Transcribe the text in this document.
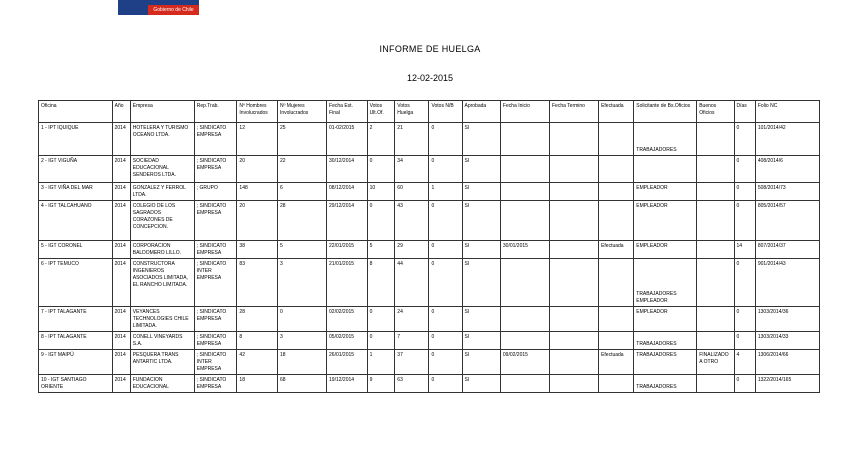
Gobierno de Chile
INFORME DE HUELGA
12-02-2015
Oficina	Año	Empresa	Rep.Trab.	Nº Hombres Involucrados	Nº Mujeres Involucrados	Fecha Est. Final	Votos Ult.Of.	Votos Huelga	Votos N/B	Aprobada	Fecha Inicio	Fecha Termino	Efectuada	Solicitante de Bs.Oficios	Buenos Oficios	Días	Folio NC
1 - IPT IQUIQUE	2014	HOTELERA Y TURISMO OCEANO LTDA.	; SINDICATO EMPRESA	12	25	01-02/2015	2	21	0	SI				TRABAJADORES		0	101/2014/42
2 - IGT VIGUÑA	2014	SOCIEDAD EDUCACIONAL SENDEROS LTDA.	; SINDICATO EMPRESA	20	22	30/12/2014	0	34	0	SI						0	408/2014/6
3 - IGT VIÑA DEL MAR	2014	GONZALEZ Y FERROL LTDA.	; GRUPO	148	6	08/12/2014	10	60	1	SI				EMPLEADOR		0	508/2014/73
4 - IGT TALCAHUANO	2014	COLEGIO DE LOS SAGRADOS CORAZONES DE CONCEPCION.	; SINDICATO EMPRESA	20	28	29/12/2014	0	43	0	SI				EMPLEADOR		0	805/2014/57
5 - IGT CORONEL	2014	CORPORACION BALDOMERO LILLO.	; SINDICATO EMPRESA	38	5	22/01/2015	5	29	0	SI	30/01/2015		Efectuada	EMPLEADOR		14	807/2014/37
6 - IPT TEMUCO	2014	CONSTRUCTORA INGENIEROS ASOCIADOS LIMITADA, EL RANCHO LIMITADA.	; SINDICATO INTER EMPRESA	83	3	21/01/2015	8	44	0	SI				TRABAJADORES EMPLEADOR		0	901/2014/43
7 - IPT TALAGANTE	2014	VEYANCES TECHNOLOGIES CHILE LIMITADA.	; SINDICATO EMPRESA	28	0	02/02/2015	0	24	0	SI				EMPLEADOR		0	1303/2014/36
8 - IPT TALAGANTE	2014	CONELL VINEYARDS S.A.	; SINDICATO EMPRESA	8	3	05/02/2015	0	7	0	SI				TRABAJADORES		0	1303/2014/33
9 - IGT MAIPÚ	2014	PESQUERA TRANS ANTARTIC LTDA.	; SINDICATO INTER EMPRESA	42	18	26/01/2015	1	37	0	SI	09/02/2015		Efectuada	TRABAJADORES	FINALIZADO A OTRO	4	1306/2014/66
10 - IGT SANTIAGO ORIENTE	2014	FUNDACION EDUCACIONAL	; SINDICATO EMPRESA	18	68	19/12/2014	9	63	0	SI				TRABAJADORES		0	1322/2014/165
